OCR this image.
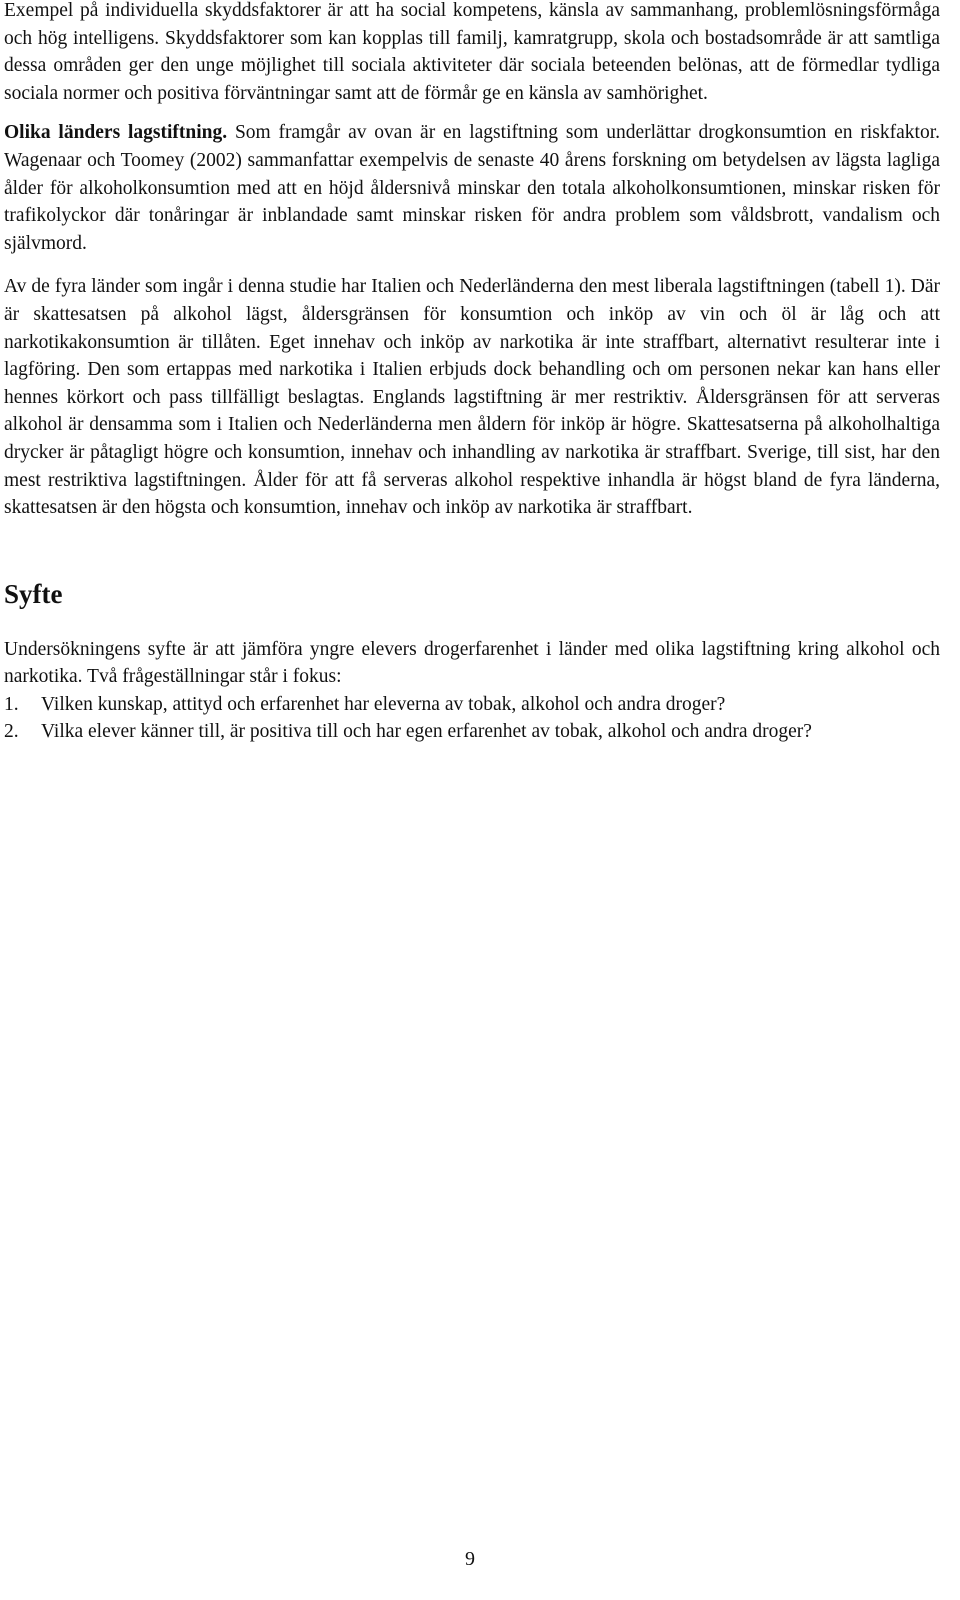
Exempel på individuella skyddsfaktorer är att ha social kompetens, känsla av sammanhang, problemlösningsförmåga och hög intelligens. Skyddsfaktorer som kan kopplas till familj, kamratgrupp, skola och bostadsområde är att samtliga dessa områden ger den unge möjlighet till sociala aktiviteter där sociala beteenden belönas, att de förmedlar tydliga sociala normer och positiva förväntningar samt att de förmår ge en känsla av samhörighet.

Olika länders lagstiftning. Som framgår av ovan är en lagstiftning som underlättar drogkonsumtion en riskfaktor. Wagenaar och Toomey (2002) sammanfattar exempelvis de senaste 40 årens forskning om betydelsen av lägsta lagliga ålder för alkoholkonsumtion med att en höjd åldersnivå minskar den totala alkoholkonsumtionen, minskar risken för trafikolyckor där tonåringar är inblandade samt minskar risken för andra problem som våldsbrott, vandalism och självmord.

Av de fyra länder som ingår i denna studie har Italien och Nederländerna den mest liberala lagstiftningen (tabell 1). Där är skattesatsen på alkohol lägst, åldersgränsen för konsumtion och inköp av vin och öl är låg och att narkotikakonsumtion är tillåten. Eget innehav och inköp av narkotika är inte straffbart, alternativt resulterar inte i lagföring. Den som ertappas med narkotika i Italien erbjuds dock behandling och om personen nekar kan hans eller hennes körkort och pass tillfälligt beslagtas. Englands lagstiftning är mer restriktiv. Åldersgränsen för att serveras alkohol är densamma som i Italien och Nederländerna men åldern för inköp är högre. Skattesatserna på alkoholhaltiga drycker är påtagligt högre och konsumtion, innehav och inhandling av narkotika är straffbart. Sverige, till sist, har den mest restriktiva lagstiftningen. Ålder för att få serveras alkohol respektive inhandla är högst bland de fyra länderna, skattesatsen är den högsta och konsumtion, innehav och inköp av narkotika är straffbart.

Syfte

Undersökningens syfte är att jämföra yngre elevers drogerfarenhet i länder med olika lagstiftning kring alkohol och narkotika. Två frågeställningar står i fokus:

1.	Vilken kunskap, attityd och erfarenhet har eleverna av tobak, alkohol och andra droger?
2.	Vilka elever känner till, är positiva till och har egen erfarenhet av tobak, alkohol och andra droger?
9
